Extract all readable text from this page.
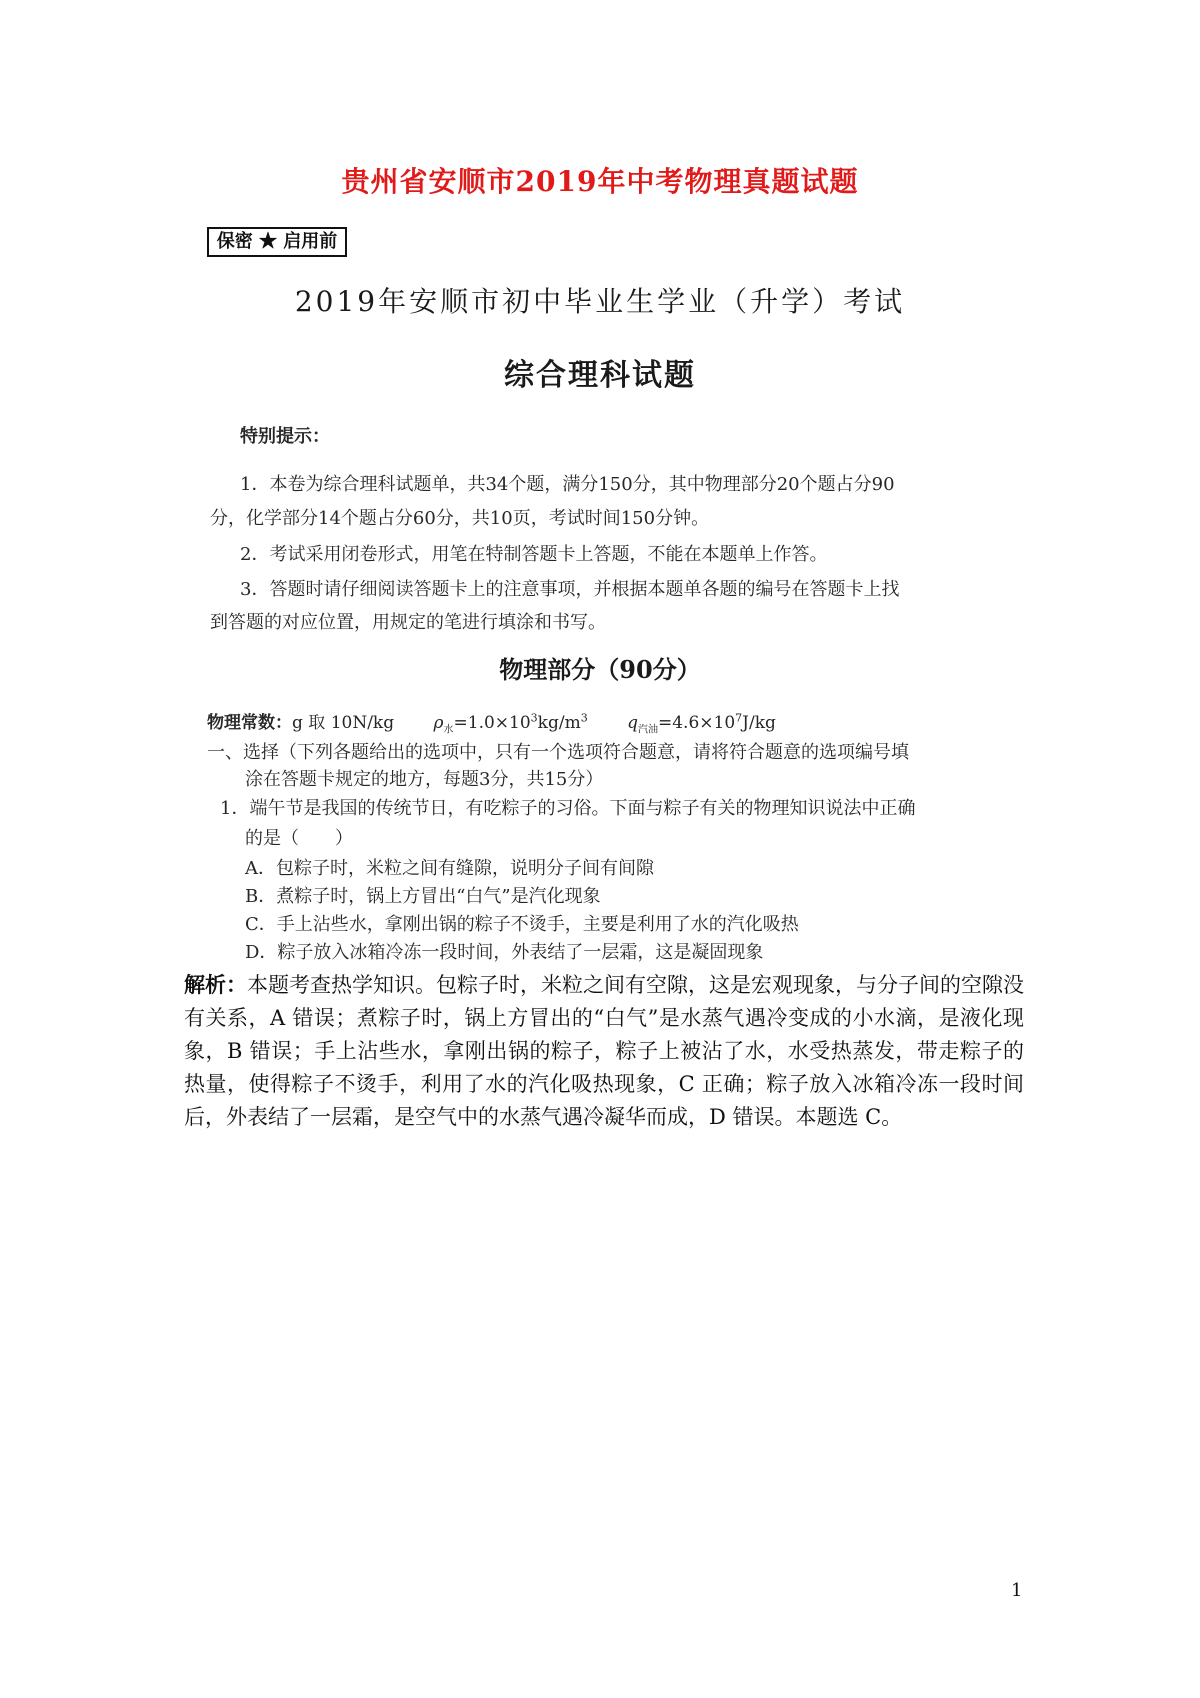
贵州省安顺市2019年中考物理真题试题
保密 ★ 启用前
2019年安顺市初中毕业生学业（升学）考试
综合理科试题
特别提示：
1．本卷为综合理科试题单，共34个题，满分150分，其中物理部分20个题占分90
分，化学部分14个题占分60分，共10页，考试时间150分钟。
2．考试采用闭卷形式，用笔在特制答题卡上答题，不能在本题单上作答。
3．答题时请仔细阅读答题卡上的注意事项，并根据本题单各题的编号在答题卡上找
到答题的对应位置，用规定的笔进行填涂和书写。
物理部分（90分）
物理常数：g 取 10N/kg $\rho_水=1.0\times 10^3kg/m^3$ $q_{汽油}=4.6\times 10^7J/kg$
一、选择（下列各题给出的选项中，只有一个选项符合题意，请将符合题意的选项编号填
涂在答题卡规定的地方，每题3分，共15分）
1．端午节是我国的传统节日，有吃粽子的习俗。下面与粽子有关的物理知识说法中正确
的是（　　）
A．包粽子时，米粒之间有缝隙，说明分子间有间隙
B．煮粽子时，锅上方冒出“白气”是汽化现象
C．手上沾些水，拿刚出锅的粽子不烫手，主要是利用了水的汽化吸热
D．粽子放入冰箱冷冻一段时间，外表结了一层霜，这是凝固现象
解析：本题考查热学知识。包粽子时，米粒之间有空隙，这是宏观现象，与分子间的空隙没有关系，A 错误；煮粽子时，锅上方冒出的“白气”是水蒸气遇冷变成的小水滴，是液化现象，B 错误；手上沾些水，拿刚出锅的粽子，粽子上被沾了水，水受热蒸发，带走粽子的热量，使得粽子不烫手，利用了水的汽化吸热现象，C 正确；粽子放入冰箱冷冻一段时间后，外表结了一层霜，是空气中的水蒸气遇冷凝华而成，D 错误。本题选 C。
1
